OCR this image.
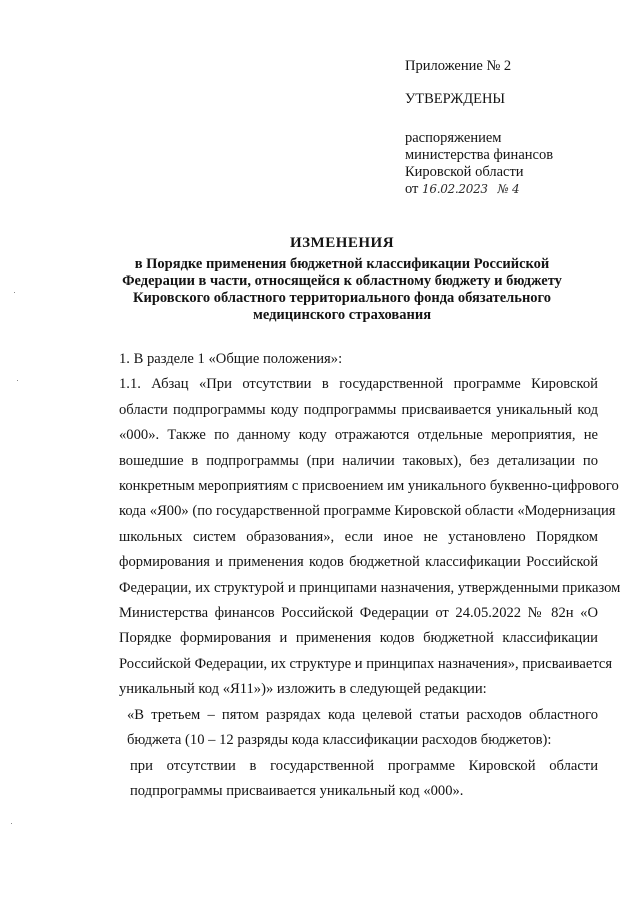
Приложение № 2
УТВЕРЖДЕНЫ
распоряжением
министерства финансов
Кировской области
от 16.02.2023 № 4
ИЗМЕНЕНИЯ
в Порядке применения бюджетной классификации Российской
Федерации в части, относящейся к областному бюджету и бюджету
Кировского областного территориального фонда обязательного
медицинского страхования

1. В разделе 1 «Общие положения»:

1.1. Абзац «При отсутствии в государственной программе Кировской
области подпрограммы коду подпрограммы присваивается уникальный код
«000». Также по данному коду отражаются отдельные мероприятия, не
вошедшие в подпрограммы (при наличии таковых), без детализации по
конкретным мероприятиям с присвоением им уникального буквенно-цифрового
кода «Я00» (по государственной программе Кировской области «Модернизация
школьных систем образования», если иное не установлено Порядком
формирования и применения кодов бюджетной классификации Российской
Федерации, их структурой и принципами назначения, утвержденными приказом
Министерства финансов Российской Федерации от 24.05.2022 № 82н «О
Порядке формирования и применения кодов бюджетной классификации
Российской Федерации, их структуре и принципах назначения», присваивается
уникальный код «Я11»)» изложить в следующей редакции:

«В третьем – пятом разрядах кода целевой статьи расходов областного
бюджета (10 – 12 разряды кода классификации расходов бюджетов):

при отсутствии в государственной программе Кировской области
подпрограммы присваивается уникальный код «000».
